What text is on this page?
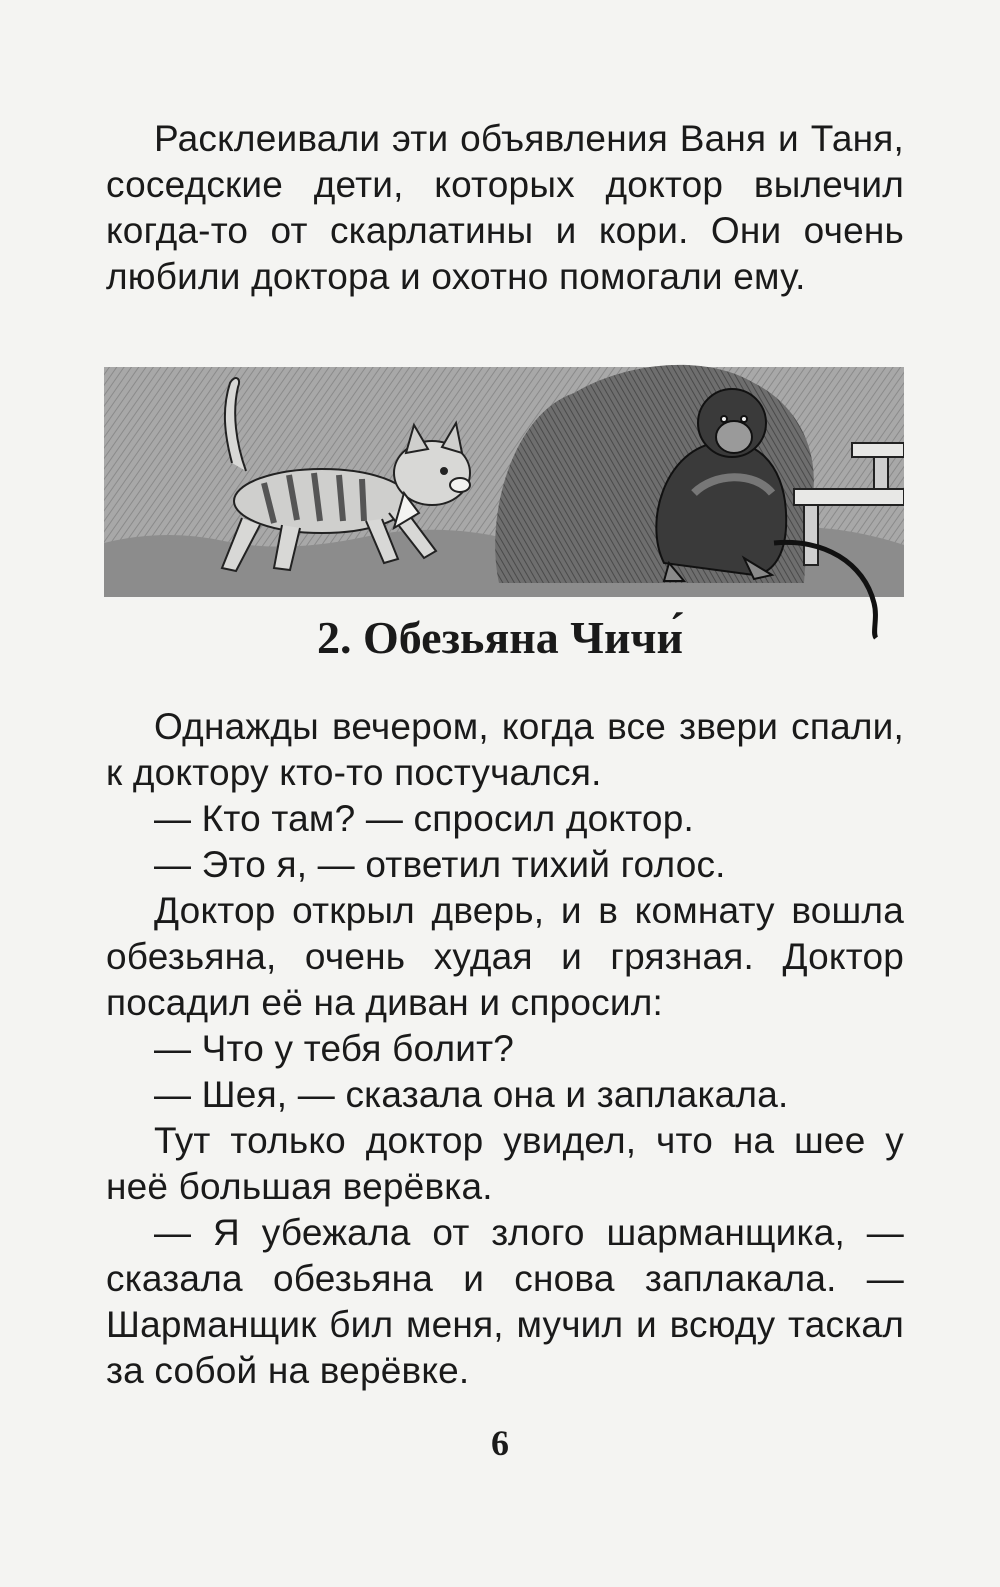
Расклеивали эти объявления Ваня и Таня, соседские дети, которых доктор вылечил когда-то от скарлатины и кори. Они очень любили доктора и охотно помогали ему.

2. Обезьяна Чичи́

Однажды вечером, когда все звери спали, к доктору кто-то постучался.

— Кто там? — спросил доктор.

— Это я, — ответил тихий голос.

Доктор открыл дверь, и в комнату вошла обезьяна, очень худая и грязная. Доктор посадил её на диван и спросил:

— Что у тебя болит?

— Шея, — сказала она и заплакала.

Тут только доктор увидел, что на шее у неё большая верёвка.

— Я убежала от злого шарманщика, — сказала обезьяна и снова заплакала. — Шарманщик бил меня, мучил и всюду таскал за собой на верёвке.

6
